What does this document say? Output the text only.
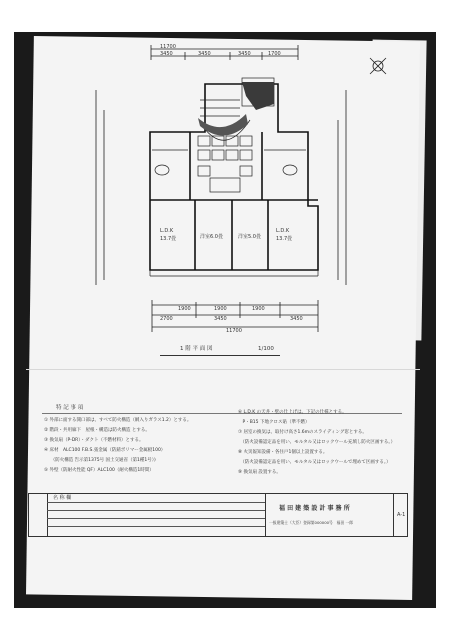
11700
3450	3450	3450	1700
1900	1900	1900
2700	3450	3450
11700
L.D.K
13.7畳	洋室6.0畳	洋室5.0畳
L.D.K
13.7畳
1 階 平 面 図	1/100
特 記 事 項
① 外部に面する開口部は、すべて防火構造（網入りガラス1.2）とする。
② 階段・共用廊下　屋根・構造は防火構造 とする。
③ 換気扇（P-DR）・ダクト（不燃材料）とする。
④ 床材　ALC100 F.B.S.張金属（防錆ポリマー金属板100）
　　（防火構造 告示第1375号 国土交通省（第1種1号）)
⑤ 外壁（防耐火性能 QF）ALC100（耐火構造1時間）
⑥ L.D.K の天井・壁の仕上げは、下記の仕様とする。
　P・B15 下地クロス貼（準不燃）
⑦ 居室の換気は、取付け高さ1.6mのスライディング窓とする。
　（防火設備認定品を用い、モルタル又はロックウール充填し防火区画する。）
⑧ 火災報知設備・各住戸1個以上設置する。
　（防火設備認定品を用い、モルタル又はロックウールで埋めて区画する。）
⑨ 換気扇 設置する。
名 称 欄
福 田 建 築 設 計 事 務 所
一級建築士（大臣）登録第000000号　福田 一郎
A-1
